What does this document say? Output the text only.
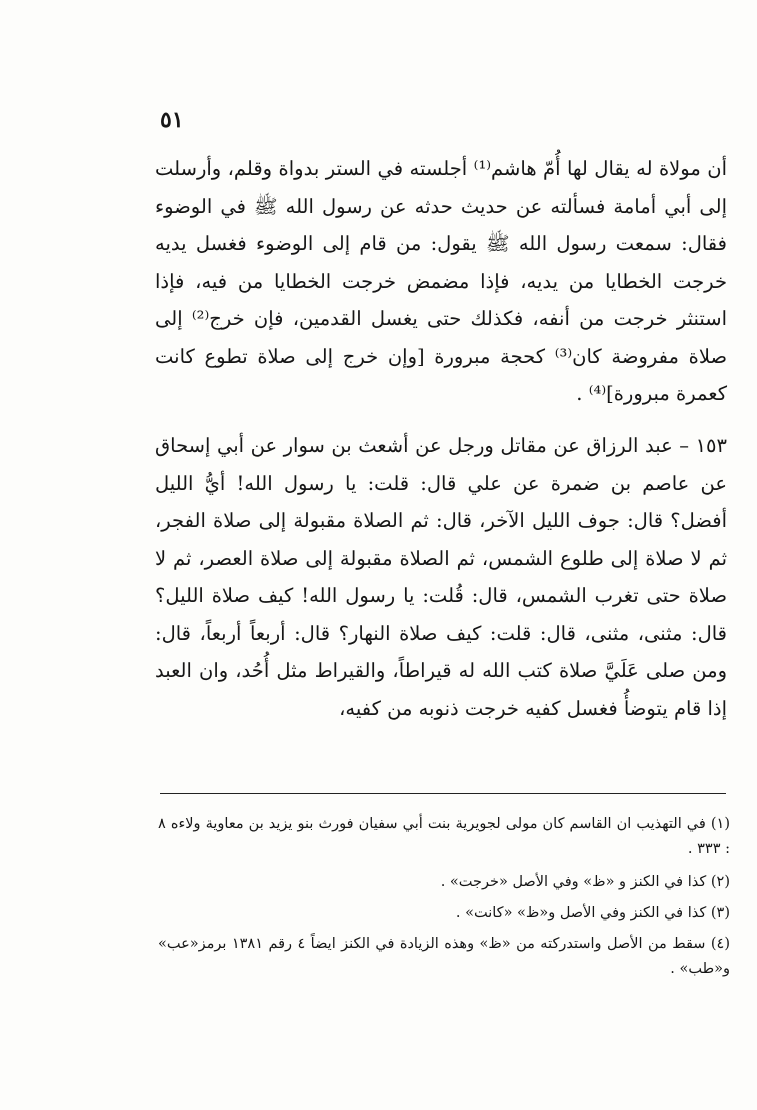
٥١

أن مولاة له يقال لها أُمّ هاشم⁽¹⁾ أجلسته في الستر بدواة وقلم، وأرسلت إلى أبي أمامة فسألته عن حديث حدثه عن رسول الله ﷺ في الوضوء فقال: سمعت رسول الله ﷺ يقول: من قام إلى الوضوء فغسل يديه خرجت الخطايا من يديه، فإذا مضمض خرجت الخطايا من فيه، فإذا استنثر خرجت من أنفه، فكذلك حتى يغسل القدمين، فإن خرج⁽²⁾ إلى صلاة مفروضة كان⁽³⁾ كحجة مبرورة [وإن خرج إلى صلاة تطوع كانت كعمرة مبرورة]⁽⁴⁾ .

١٥٣ – عبد الرزاق عن مقاتل ورجل عن أشعث بن سوار عن أبي إسحاق عن عاصم بن ضمرة عن علي قال: قلت: يا رسول الله! أيُّ الليل أفضل؟ قال: جوف الليل الآخر، قال: ثم الصلاة مقبولة إلى صلاة الفجر، ثم لا صلاة إلى طلوع الشمس، ثم الصلاة مقبولة إلى صلاة العصر، ثم لا صلاة حتى تغرب الشمس، قال: قُلت: يا رسول الله! كيف صلاة الليل؟ قال: مثنى، مثنى، قال: قلت: كيف صلاة النهار؟ قال: أربعاً أربعاً، قال: ومن صلى عَلَيَّ صلاة كتب الله له قيراطاً، والقيراط مثل أُحُد، وان العبد إذا قام يتوضأُ فغسل كفيه خرجت ذنوبه من كفيه،

(١) في التهذيب ان القاسم كان مولى لجويرية بنت أبي سفيان فورث بنو يزيد بن معاوية ولاءه ٨ : ٣٣٣ .
(٢) كذا في الكنز و «ظ» وفي الأصل «خرجت» .
(٣) كذا في الكنز وفي الأصل و«ظ» «كانت» .
(٤) سقط من الأصل واستدركته من «ظ» وهذه الزيادة في الكنز ايضاً ٤ رقم ١٣٨١ برمز«عب» و«طب» .
